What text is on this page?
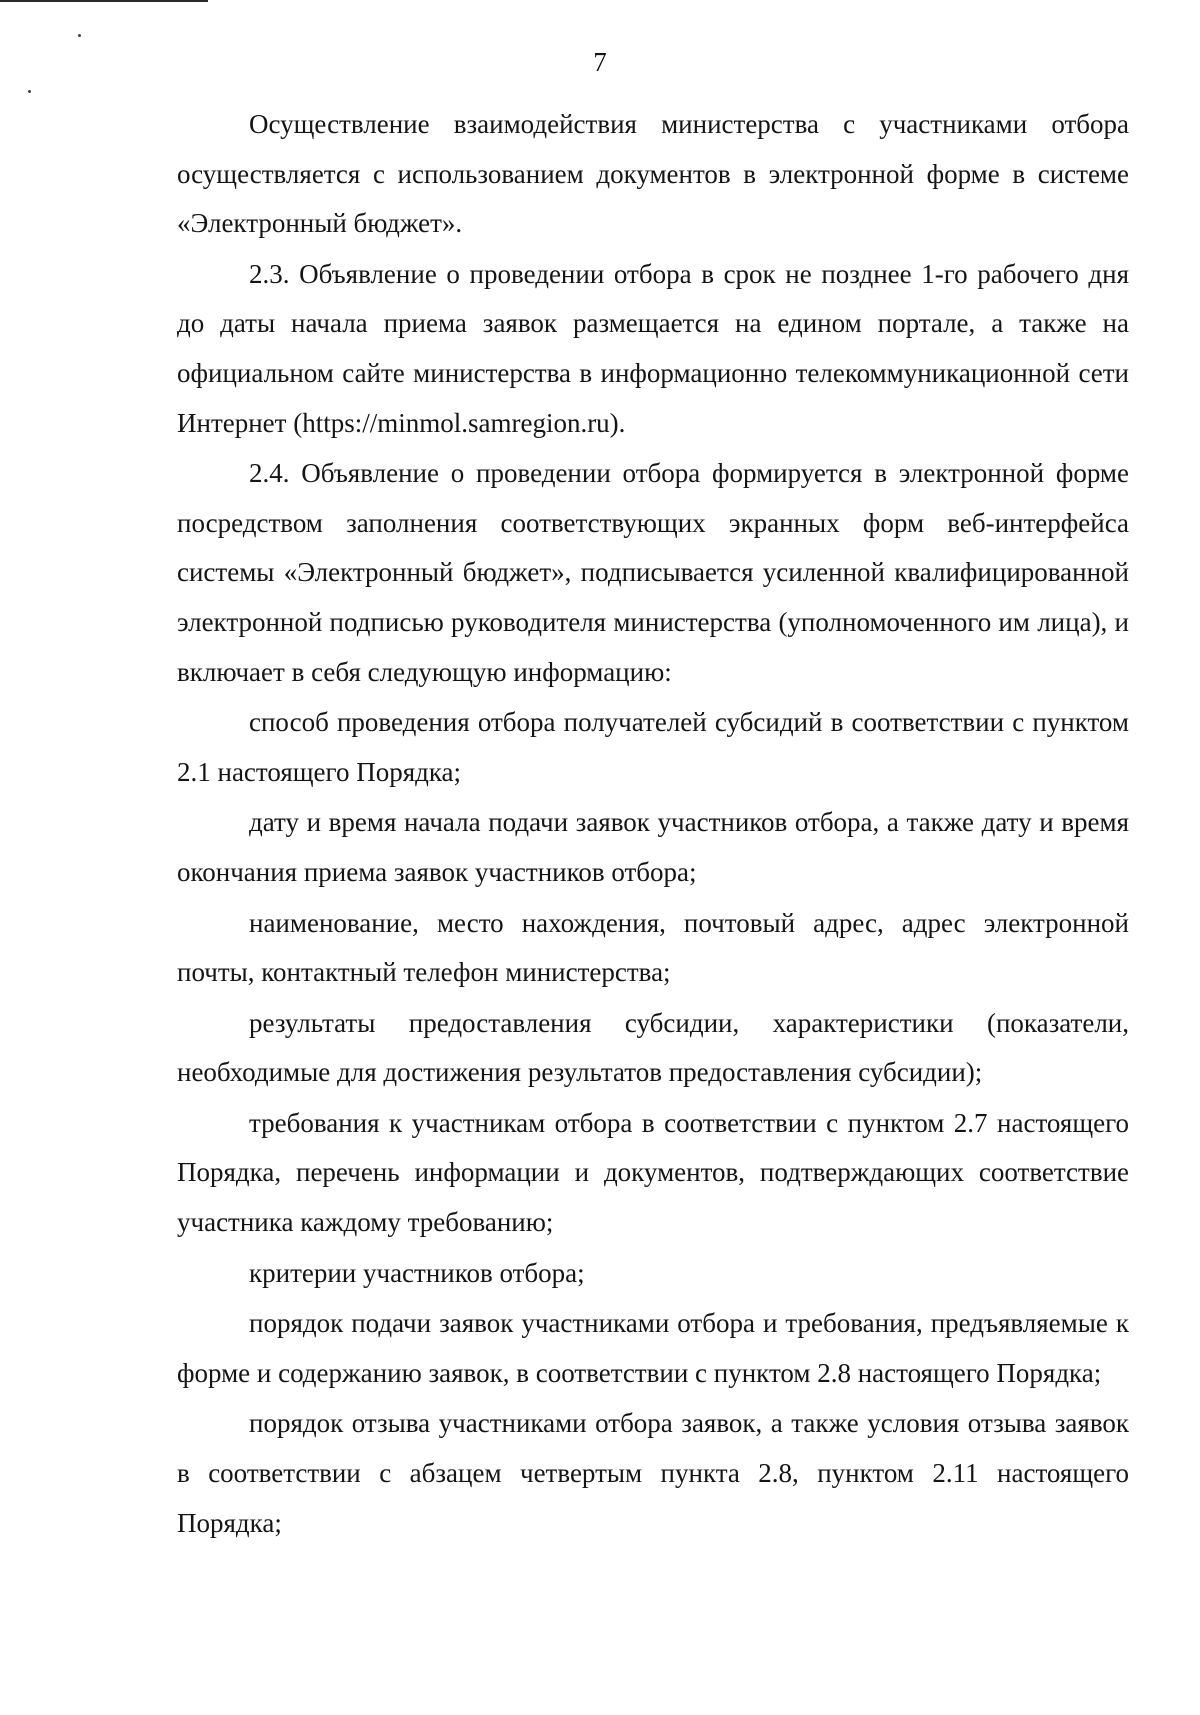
7

Осуществление взаимодействия министерства с участниками отбора осуществляется с использованием документов в электронной форме в системе «Электронный бюджет».

2.3. Объявление о проведении отбора в срок не позднее 1-го рабочего дня до даты начала приема заявок размещается на едином портале, а также на официальном сайте министерства в информационно телекоммуникационной сети Интернет (https://minmol.samregion.ru).

2.4. Объявление о проведении отбора формируется в электронной форме посредством заполнения соответствующих экранных форм веб-интерфейса системы «Электронный бюджет», подписывается усиленной квалифицированной электронной подписью руководителя министерства (уполномоченного им лица), и включает в себя следующую информацию:

способ проведения отбора получателей субсидий в соответствии с пунктом 2.1 настоящего Порядка;

дату и время начала подачи заявок участников отбора, а также дату и время окончания приема заявок участников отбора;

наименование, место нахождения, почтовый адрес, адрес электронной почты, контактный телефон министерства;

результаты предоставления субсидии, характеристики (показатели, необходимые для достижения результатов предоставления субсидии);

требования к участникам отбора в соответствии с пунктом 2.7 настоящего Порядка, перечень информации и документов, подтверждающих соответствие участника каждому требованию;

критерии участников отбора;

порядок подачи заявок участниками отбора и требования, предъявляемые к форме и содержанию заявок, в соответствии с пунктом 2.8 настоящего Порядка;

порядок отзыва участниками отбора заявок, а также условия отзыва заявок в соответствии с абзацем четвертым пункта 2.8, пунктом 2.11 настоящего Порядка;
